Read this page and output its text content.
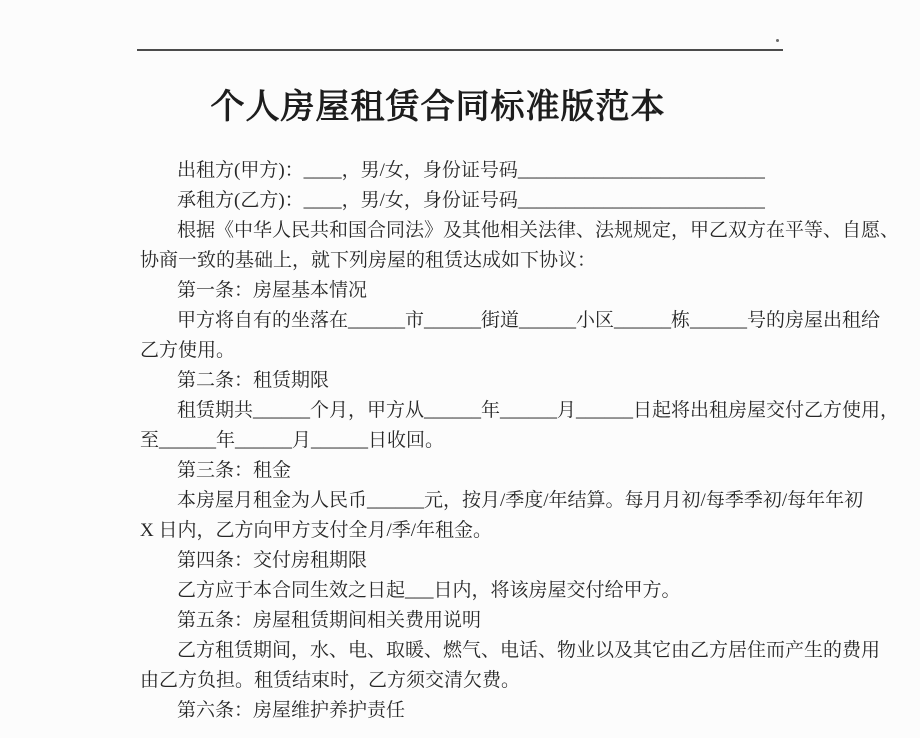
个人房屋租赁合同标准版范本
出租方(甲方)：____，男/女，身份证号码__________________________
承租方(乙方)：____，男/女，身份证号码__________________________
根据《中华人民共和国合同法》及其他相关法律、法规规定，甲乙双方在平等、自愿、
协商一致的基础上，就下列房屋的租赁达成如下协议：
第一条：房屋基本情况
甲方将自有的坐落在______市______街道______小区______栋______号的房屋出租给
乙方使用。
第二条：租赁期限
租赁期共______个月，甲方从______年______月______日起将出租房屋交付乙方使用，
至______年______月______日收回。
第三条：租金
本房屋月租金为人民币______元，按月/季度/年结算。每月月初/每季季初/每年年初
X 日内，乙方向甲方支付全月/季/年租金。
第四条：交付房租期限
乙方应于本合同生效之日起___日内，将该房屋交付给甲方。
第五条：房屋租赁期间相关费用说明
乙方租赁期间，水、电、取暖、燃气、电话、物业以及其它由乙方居住而产生的费用
由乙方负担。租赁结束时，乙方须交清欠费。
第六条：房屋维护养护责任
